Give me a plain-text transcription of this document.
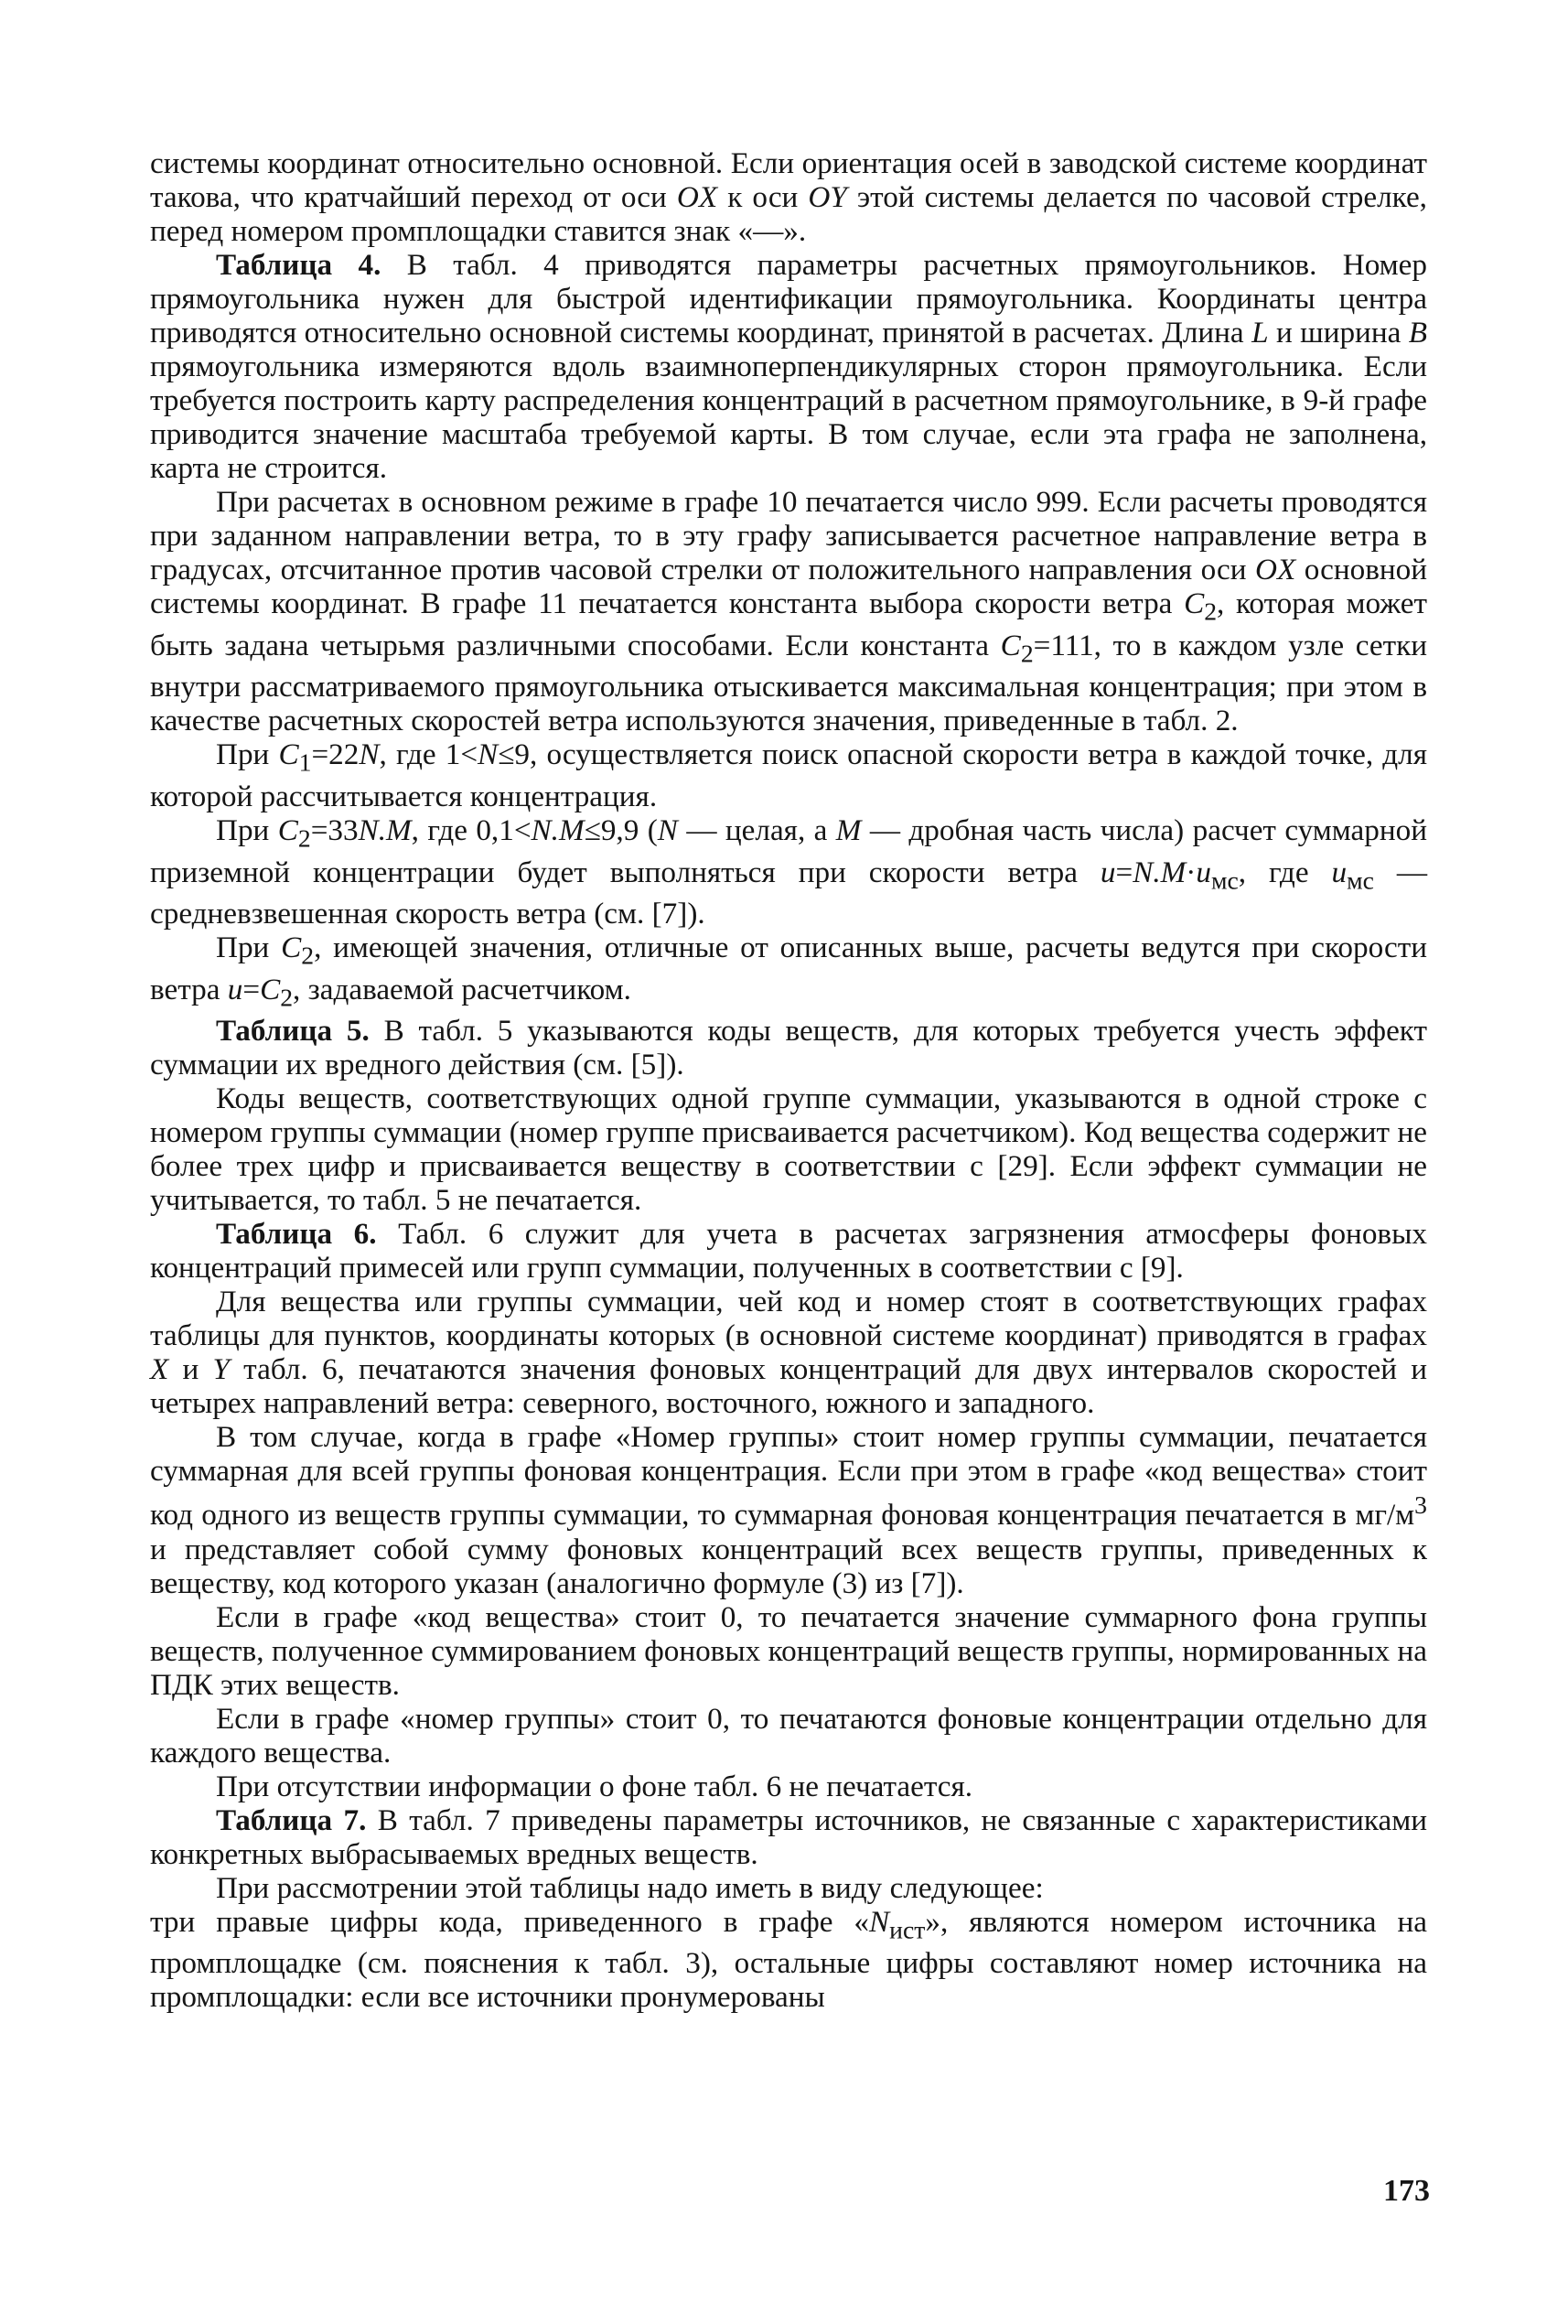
системы координат относительно основной. Если ориентация осей в заводской системе координат такова, что кратчайший переход от оси OX к оси OY этой системы делается по часовой стрелке, перед номером промплощадки ставится знак «—».

Таблица 4. В табл. 4 приводятся параметры расчетных прямоугольников. Номер прямоугольника нужен для быстрой идентификации прямоугольника. Координаты центра приводятся относительно основной системы координат, принятой в расчетах. Длина L и ширина B прямоугольника измеряются вдоль взаимноперпендикулярных сторон прямоугольника. Если требуется построить карту распределения концентраций в расчетном прямоугольнике, в 9-й графе приводится значение масштаба требуемой карты. В том случае, если эта графа не заполнена, карта не строится.

При расчетах в основном режиме в графе 10 печатается число 999. Если расчеты проводятся при заданном направлении ветра, то в эту графу записывается расчетное направление ветра в градусах, отсчитанное против часовой стрелки от положительного направления оси OX основной системы координат. В графе 11 печатается константа выбора скорости ветра $C_2$, которая может быть задана четырьмя различными способами. Если константа $C_2=111$, то в каждом узле сетки внутри рассматриваемого прямоугольника отыскивается максимальная концентрация; при этом в качестве расчетных скоростей ветра используются значения, приведенные в табл. 2.

При $C_1=22N$, где 1<N≤9, осуществляется поиск опасной скорости ветра в каждой точке, для которой рассчитывается концентрация.

При $C_2=33N.M$, где 0,1<N.M≤9,9 (N — целая, а M — дробная часть числа) расчет суммарной приземной концентрации будет выполняться при скорости ветра $u=N.M\cdot u_{мс}$, где $u_{мс}$ — средневзвешенная скорость ветра (см. [7]).

При $C_2$, имеющей значения, отличные от описанных выше, расчеты ведутся при скорости ветра $u=C_2$, задаваемой расчетчиком.

Таблица 5. В табл. 5 указываются коды веществ, для которых требуется учесть эффект суммации их вредного действия (см. [5]).

Коды веществ, соответствующих одной группе суммации, указываются в одной строке с номером группы суммации (номер группе присваивается расчетчиком). Код вещества содержит не более трех цифр и присваивается веществу в соответствии с [29]. Если эффект суммации не учитывается, то табл. 5 не печатается.

Таблица 6. Табл. 6 служит для учета в расчетах загрязнения атмосферы фоновых концентраций примесей или групп суммации, полученных в соответствии с [9].

Для вещества или группы суммации, чей код и номер стоят в соответствующих графах таблицы для пунктов, координаты которых (в основной системе координат) приводятся в графах X и Y табл. 6, печатаются значения фоновых концентраций для двух интервалов скоростей и четырех направлений ветра: северного, восточного, южного и западного.

В том случае, когда в графе «Номер группы» стоит номер группы суммации, печатается суммарная для всей группы фоновая концентрация. Если при этом в графе «код вещества» стоит код одного из веществ группы суммации, то суммарная фоновая концентрация печатается в $мг/м^3$ и представляет собой сумму фоновых концентраций всех веществ группы, приведенных к веществу, код которого указан (аналогично формуле (3) из [7]).

Если в графе «код вещества» стоит 0, то печатается значение суммарного фона группы веществ, полученное суммированием фоновых концентраций веществ группы, нормированных на ПДК этих веществ.

Если в графе «номер группы» стоит 0, то печатаются фоновые концентрации отдельно для каждого вещества.

При отсутствии информации о фоне табл. 6 не печатается.

Таблица 7. В табл. 7 приведены параметры источников, не связанные с характеристиками конкретных выбрасываемых вредных веществ.

При рассмотрении этой таблицы надо иметь в виду следующее:

три правые цифры кода, приведенного в графе «$N_{ист}$», являются номером источника на промплощадке (см. пояснения к табл. 3), остальные цифры составляют номер источника на промплощадки: если все источники пронумерованы

173
